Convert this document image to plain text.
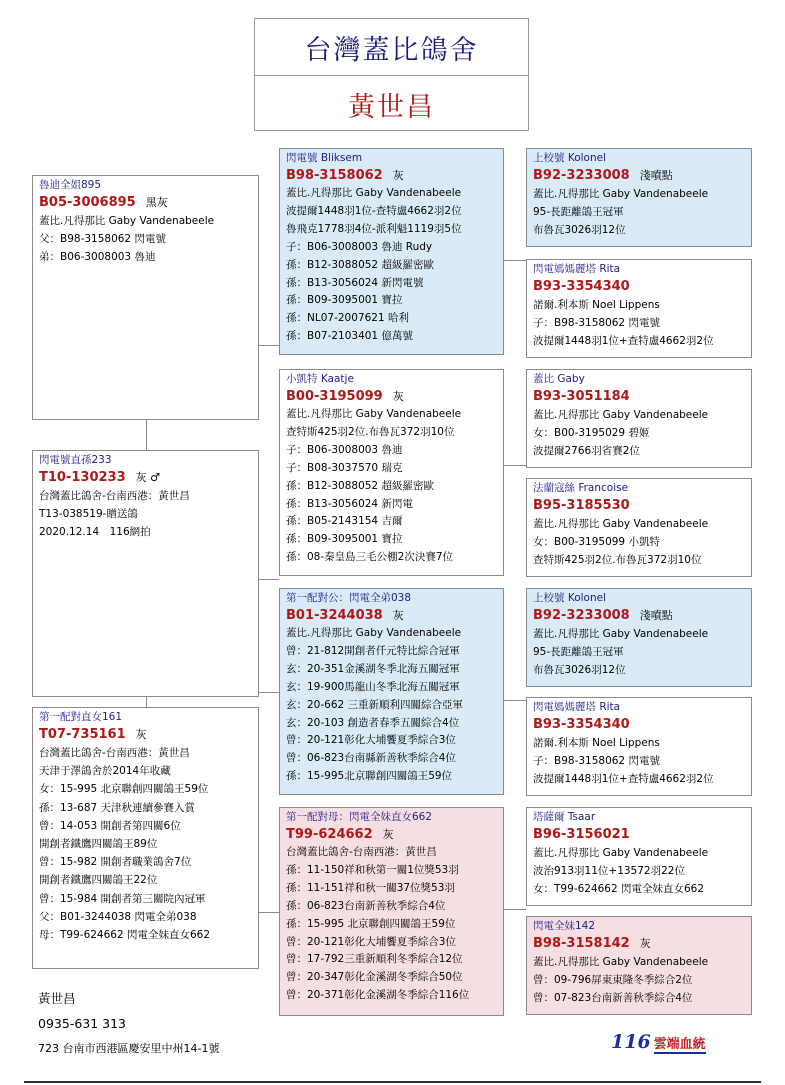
台灣蓋比鴿舍
黃世昌
魯迪全姐895
B05-3006895 黑灰
蓋比.凡得那比 Gaby Vandenabeele
父：B98-3158062 閃電號
弟：B06-3008003 魯迪
閃電號直孫233
T10-130233 灰 ♂
台灣蓋比鴿舍-台南西港：黃世昌
T13-038519-贈送鴿
2020.12.14　116網拍
第一配對直女161
T07-735161 灰
台灣蓋比鴿舍-台南西港：黃世昌
天津于澤鴿舍於2014年收藏
女：15-995 北京聯創四關鴿王59位
孫：13-687 天津秋連續參賽入賞
曾：14-053 開創者第四關6位
開創者鐵鷹四關鴿王89位
曾：15-982 開創者職業鴿舍7位
開創者鐵鷹四關鴿王22位
曾：15-984 開創者第三關院內冠軍
父：B01-3244038 閃電全弟038
母：T99-624662 閃電全妹直女662
閃電號 Bliksem
B98-3158062 灰
蓋比.凡得那比 Gaby Vandenabeele
波提爾1448羽1位-查特盧4662羽2位
魯飛克1778羽4位-派利魁1119羽5位
子：B06-3008003 魯迪 Rudy
孫：B12-3088052 超級羅密歐
孫：B13-3056024 新閃電號
孫：B09-3095001 寶拉
孫：NL07-2007621 哈利
孫：B07-2103401 億萬號
小凱特 Kaatje
B00-3195099 灰
蓋比.凡得那比 Gaby Vandenabeele
查特斯425羽2位.布魯瓦372羽10位
子：B06-3008003 魯迪
子：B08-3037570 瑞克
孫：B12-3088052 超級羅密歐
孫：B13-3056024 新閃電
孫：B05-2143154 吉爾
孫：B09-3095001 寶拉
孫：08-秦皇島三毛公棚2次決賽7位
第一配對公：閃電全弟038
B01-3244038 灰
蓋比.凡得那比 Gaby Vandenabeele
曾：21-812開創者仟元特比綜合冠軍
玄：20-351金溪湖冬季北海五關冠軍
玄：19-900馬龍山冬季北海五關冠軍
玄：20-662 三重新順利四關綜合亞軍
玄：20-103 創造者春季五關綜合4位
曾：20-121彰化大埔饗夏季綜合3位
曾：06-823台南縣新善秋季綜合4位
孫：15-995北京聯創四關鴿王59位
第一配對母：閃電全妹直女662
T99-624662 灰
台灣蓋比鴿舍-台南西港：黃世昌
孫：11-150祥和秋第一關1位獎53羽
孫：11-151祥和秋一關37位獎53羽
孫：06-823台南新善秋季綜合4位
孫：15-995 北京聯創四關鴿王59位
曾：20-121彰化大埔饗夏季綜合3位
曾：17-792三重新順利冬季綜合12位
曾：20-347彰化金溪湖冬季綜合50位
曾：20-371彰化金溪湖冬季綜合116位
上校號 Kolonel
B92-3233008 淺噴點
蓋比.凡得那比 Gaby Vandenabeele
95-長距離鴿王冠軍
布魯瓦3026羽12位
閃電媽媽麗塔 Rita
B93-3354340
諾爾.利本斯 Noel Lippens
子：B98-3158062 閃電號
波提爾1448羽1位+查特盧4662羽2位
蓋比 Gaby
B93-3051184
蓋比.凡得那比 Gaby Vandenabeele
女：B00-3195029 碧姬
波提爾2766羽省賽2位
法蘭寇絲 Francoise
B95-3185530
蓋比.凡得那比 Gaby Vandenabeele
女：B00-3195099 小凱特
查特斯425羽2位.布魯瓦372羽10位
上校號 Kolonel
B92-3233008 淺噴點
蓋比.凡得那比 Gaby Vandenabeele
95-長距離鴿王冠軍
布魯瓦3026羽12位
閃電媽媽麗塔 Rita
B93-3354340
諾爾.利本斯 Noel Lippens
子：B98-3158062 閃電號
波提爾1448羽1位+查特盧4662羽2位
塔薩爾 Tsaar
B96-3156021
蓋比.凡得那比 Gaby Vandenabeele
波治913羽11位+13572羽22位
女：T99-624662 閃電全妹直女662
閃電全妹142
B98-3158142 灰
蓋比.凡得那比 Gaby Vandenabeele
曾：09-796屏東東隆冬季綜合2位
曾：07-823台南新善秋季綜合4位
黃世昌
0935-631 313
723 台南市西港區慶安里中州14-1號	116 雲端血統
